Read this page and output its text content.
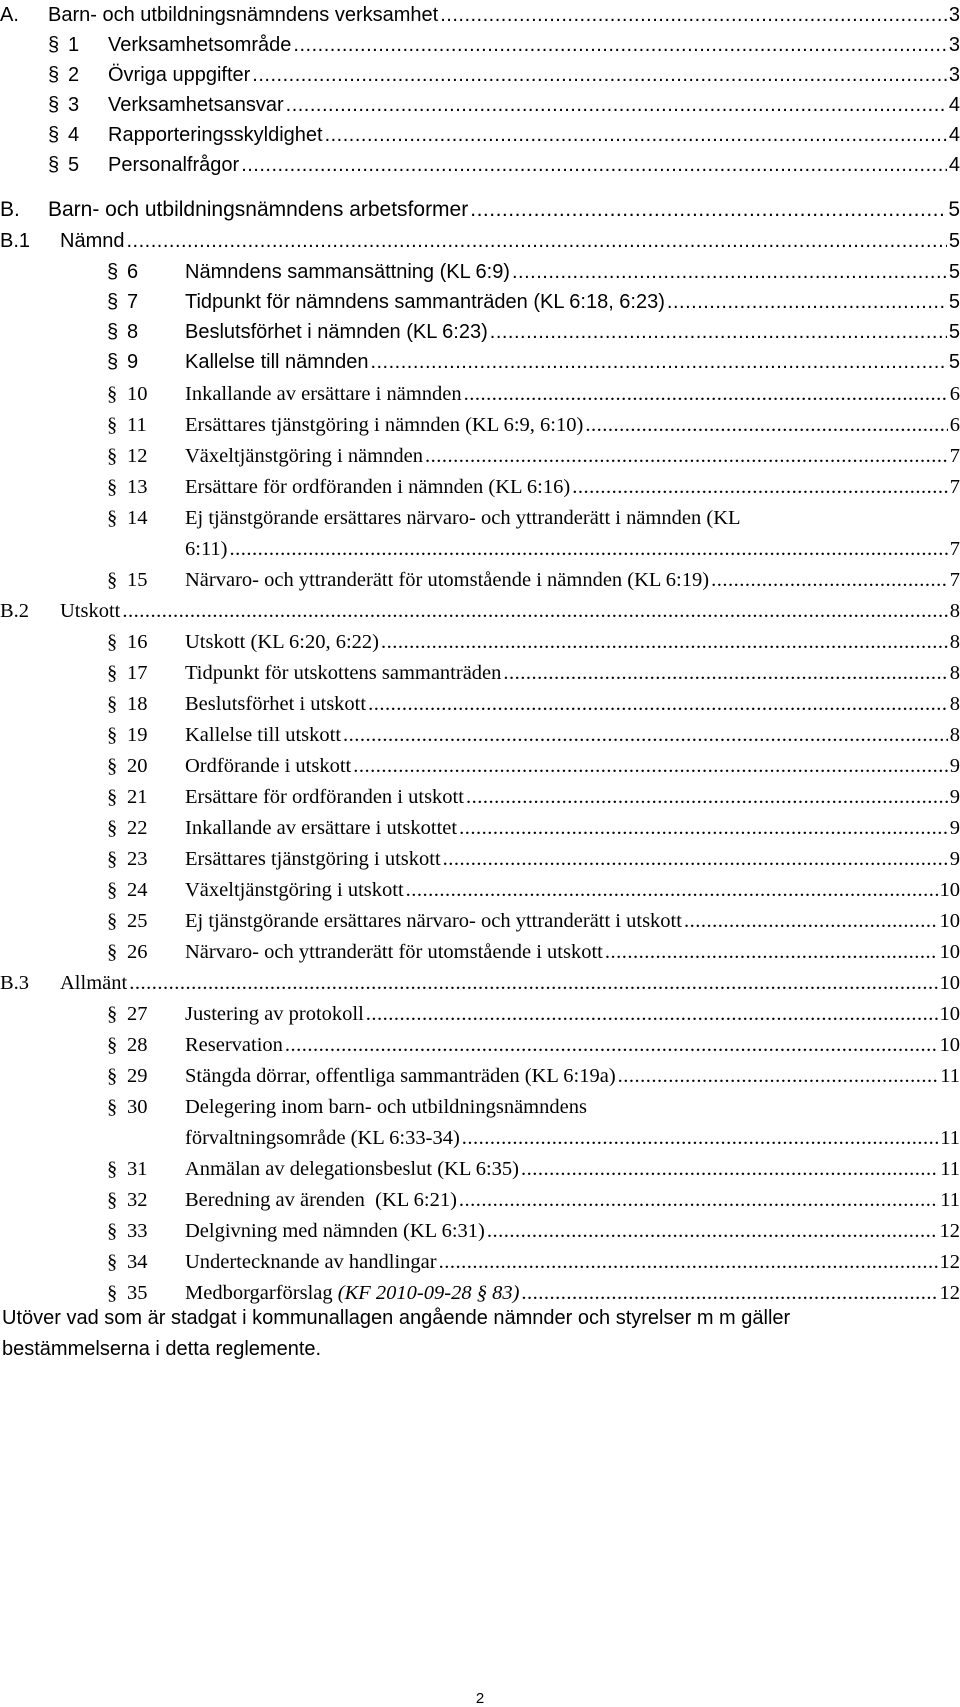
A.	Barn- och utbildningsnämndens verksamhet .....	3
§ 1	Verksamhetsområde .....	3
§ 2	Övriga uppgifter .....	3
§ 3	Verksamhetsansvar .....	4
§ 4	Rapporteringsskyldighet .....	4
§ 5	Personalfrågor .....	4
B.	Barn- och utbildningsnämndens arbetsformer .....	5
B.1	Nämnd .....	5
§ 6	Nämndens sammansättning (KL 6:9) .....	5
§ 7	Tidpunkt för nämndens sammanträden (KL 6:18, 6:23) .....	5
§ 8	Beslutsförhet i nämnden (KL 6:23) .....	5
§ 9	Kallelse till nämnden .....	5
§ 10	Inkallande av ersättare i nämnden .....	6
§ 11	Ersättares tjänstgöring i nämnden (KL 6:9, 6:10) .....	6
§ 12	Växeltjänstgöring i nämnden .....	7
§ 13	Ersättare för ordföranden i nämnden (KL 6:16) .....	7
§ 14	Ej tjänstgörande ersättares närvaro- och yttranderätt i nämnden (KL
6:11) .....	7
§ 15	Närvaro- och yttranderätt för utomstående i nämnden (KL 6:19) .....	7
B.2	Utskott .....	8
§ 16	Utskott (KL 6:20, 6:22) .....	8
§ 17	Tidpunkt för utskottens sammanträden .....	8
§ 18	Beslutsförhet i utskott .....	8
§ 19	Kallelse till utskott .....	8
§ 20	Ordförande i utskott .....	9
§ 21	Ersättare för ordföranden i utskott .....	9
§ 22	Inkallande av ersättare i utskottet .....	9
§ 23	Ersättares tjänstgöring i utskott .....	9
§ 24	Växeltjänstgöring i utskott .....	10
§ 25	Ej tjänstgörande ersättares närvaro- och yttranderätt i utskott .....	10
§ 26	Närvaro- och yttranderätt för utomstående i utskott .....	10
B.3	Allmänt .....	10
§ 27	Justering av protokoll .....	10
§ 28	Reservation .....	10
§ 29	Stängda dörrar, offentliga sammanträden (KL 6:19a) .....	11
§ 30	Delegering inom barn- och utbildningsnämndens
förvaltningsområde (KL 6:33-34) .....	11
§ 31	Anmälan av delegationsbeslut (KL 6:35) .....	11
§ 32	Beredning av ärenden  (KL 6:21) .....	11
§ 33	Delgivning med nämnden (KL 6:31) .....	12
§ 34	Undertecknande av handlingar .....	12
§ 35	Medborgarförslag (KF 2010-09-28 § 83) .....	12
Utöver vad som är stadgat i kommunallagen angående nämnder och styrelser m m gäller bestämmelserna i detta reglemente.
2
